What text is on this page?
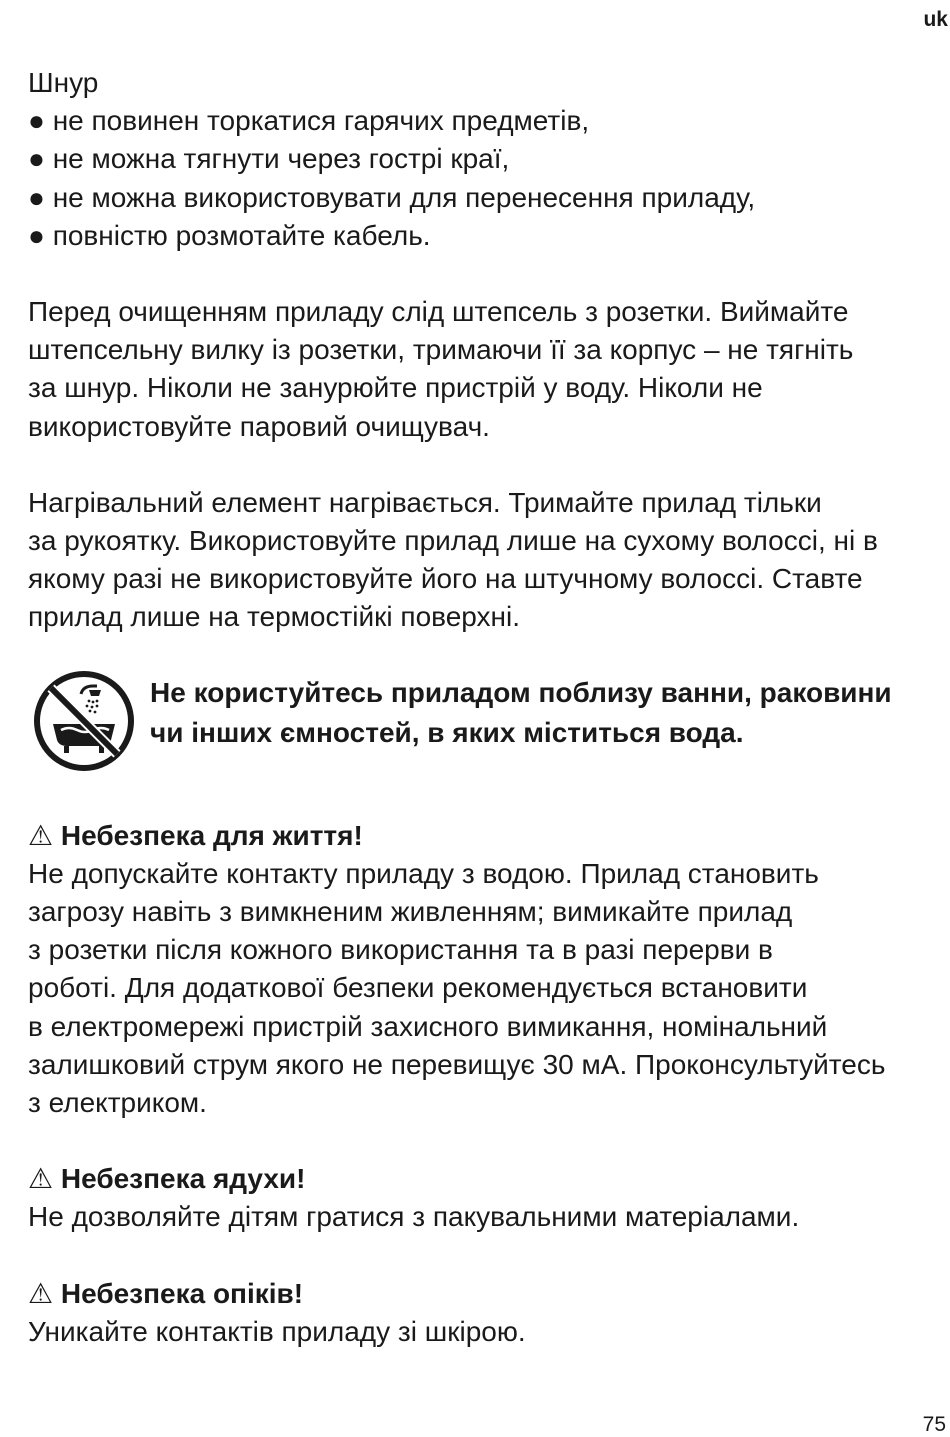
uk

Шнур
● не повинен торкатися гарячих предметів,
● не можна тягнути через гострі краї,
● не можна використовувати для перенесення приладу,
● повністю розмотайте кабель.

Перед очищенням приладу слід штепсель з розетки. Виймайте
штепсельну вилку із розетки, тримаючи її за корпус – не тягніть
за шнур. Ніколи не занурюйте пристрій у воду. Ніколи не
використовуйте паровий очищувач.

Нагрівальний елемент нагрівається. Тримайте прилад тільки
за рукоятку. Використовуйте прилад лише на сухому волоссі, ні в
якому разі не використовуйте його на штучному волоссі. Ставте
прилад лише на термостійкі поверхні.

Не користуйтесь приладом поблизу ванни, раковини
чи інших ємностей, в яких міститься вода.

⚠ Небезпека для життя!
Не допускайте контакту приладу з водою. Прилад становить
загрозу навіть з вимкненим живленням; вимикайте прилад
з розетки після кожного використання та в разі перерви в
роботі. Для додаткової безпеки рекомендується встановити
в електромережі пристрій захисного вимикання, номінальний
залишковий струм якого не перевищує 30 мА. Проконсультуйтесь
з електриком.

⚠ Небезпека ядухи!
Не дозволяйте дітям гратися з пакувальними матеріалами.

⚠ Небезпека опіків!
Уникайте контактів приладу зі шкірою.

75
